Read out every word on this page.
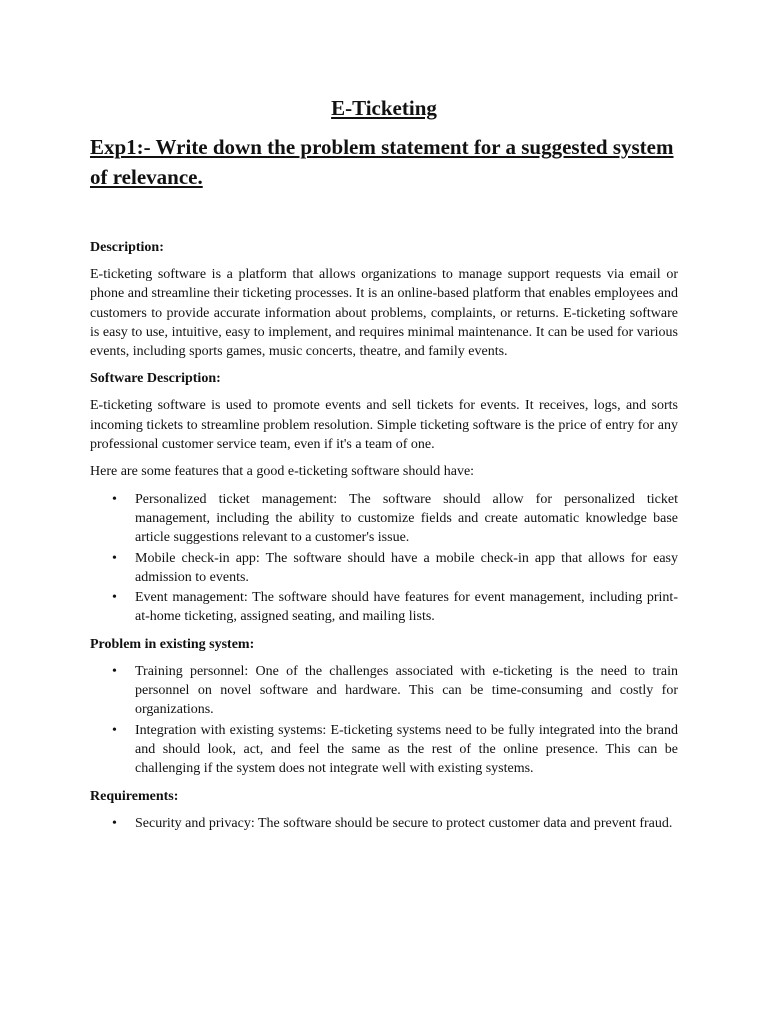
E-Ticketing
Exp1:- Write down the problem statement for a suggested system of relevance.

Description:

E-ticketing software is a platform that allows organizations to manage support requests via email or phone and streamline their ticketing processes. It is an online-based platform that enables employees and customers to provide accurate information about problems, complaints, or returns. E-ticketing software is easy to use, intuitive, easy to implement, and requires minimal maintenance. It can be used for various events, including sports games, music concerts, theatre, and family events.

Software Description:

E-ticketing software is used to promote events and sell tickets for events. It receives, logs, and sorts incoming tickets to streamline problem resolution. Simple ticketing software is the price of entry for any professional customer service team, even if it's a team of one.

Here are some features that a good e-ticketing software should have:

• Personalized ticket management: The software should allow for personalized ticket management, including the ability to customize fields and create automatic knowledge base article suggestions relevant to a customer's issue.
• Mobile check-in app: The software should have a mobile check-in app that allows for easy admission to events.
• Event management: The software should have features for event management, including print-at-home ticketing, assigned seating, and mailing lists.

Problem in existing system:

• Training personnel: One of the challenges associated with e-ticketing is the need to train personnel on novel software and hardware. This can be time-consuming and costly for organizations.
• Integration with existing systems: E-ticketing systems need to be fully integrated into the brand and should look, act, and feel the same as the rest of the online presence. This can be challenging if the system does not integrate well with existing systems.

Requirements:

• Security and privacy: The software should be secure to protect customer data and prevent fraud.
